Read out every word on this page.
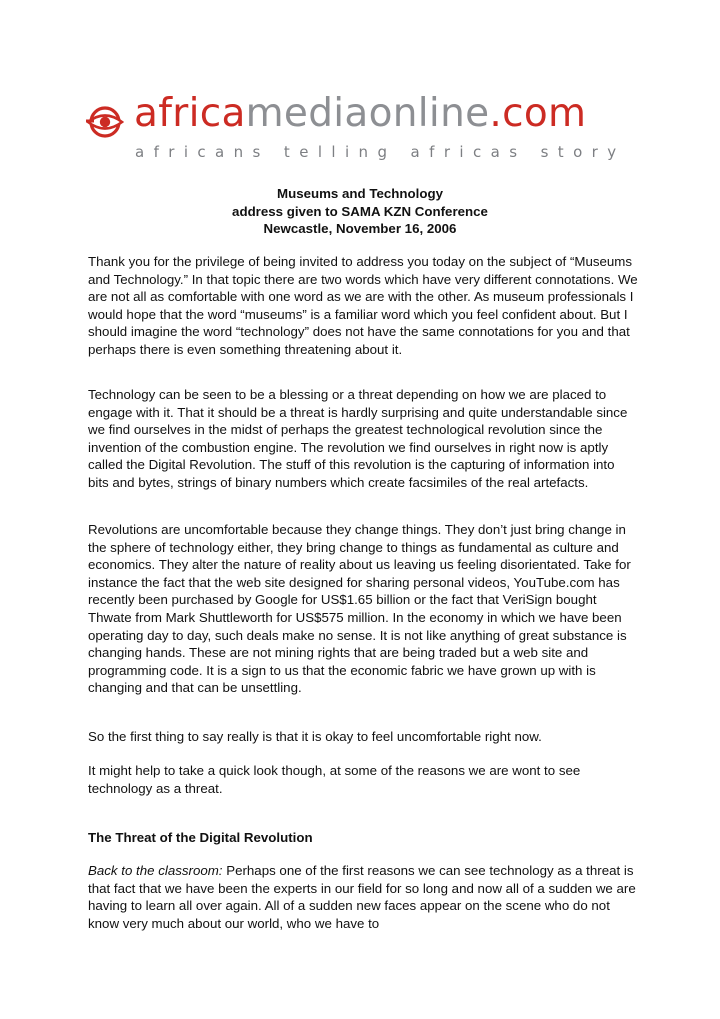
africamediaonline.com
africans telling africas story
Museums and Technology
address given to SAMA KZN Conference
Newcastle, November 16, 2006

Thank you for the privilege of being invited to address you today on the subject of “Museums and Technology.” In that topic there are two words which have very different connotations. We are not all as comfortable with one word as we are with the other. As museum professionals I would hope that the word “museums” is a familiar word which you feel confident about. But I should imagine the word “technology” does not have the same connotations for you and that perhaps there is even something threatening about it.

Technology can be seen to be a blessing or a threat depending on how we are placed to engage with it. That it should be a threat is hardly surprising and quite understandable since we find ourselves in the midst of perhaps the greatest technological revolution since the invention of the combustion engine. The revolution we find ourselves in right now is aptly called the Digital Revolution. The stuff of this revolution is the capturing of information into bits and bytes, strings of binary numbers which create facsimiles of the real artefacts.

Revolutions are uncomfortable because they change things. They don’t just bring change in the sphere of technology either, they bring change to things as fundamental as culture and economics. They alter the nature of reality about us leaving us feeling disorientated. Take for instance the fact that the web site designed for sharing personal videos, YouTube.com has recently been purchased by Google for US$1.65 billion or the fact that VeriSign bought Thwate from Mark Shuttleworth for US$575 million. In the economy in which we have been operating day to day, such deals make no sense. It is not like anything of great substance is changing hands. These are not mining rights that are being traded but a web site and programming code. It is a sign to us that the economic fabric we have grown up with is changing and that can be unsettling.

So the first thing to say really is that it is okay to feel uncomfortable right now.

It might help to take a quick look though, at some of the reasons we are wont to see technology as a threat.

The Threat of the Digital Revolution

Back to the classroom: Perhaps one of the first reasons we can see technology as a threat is that fact that we have been the experts in our field for so long and now all of a sudden we are having to learn all over again. All of a sudden new faces appear on the scene who do not know very much about our world, who we have to
